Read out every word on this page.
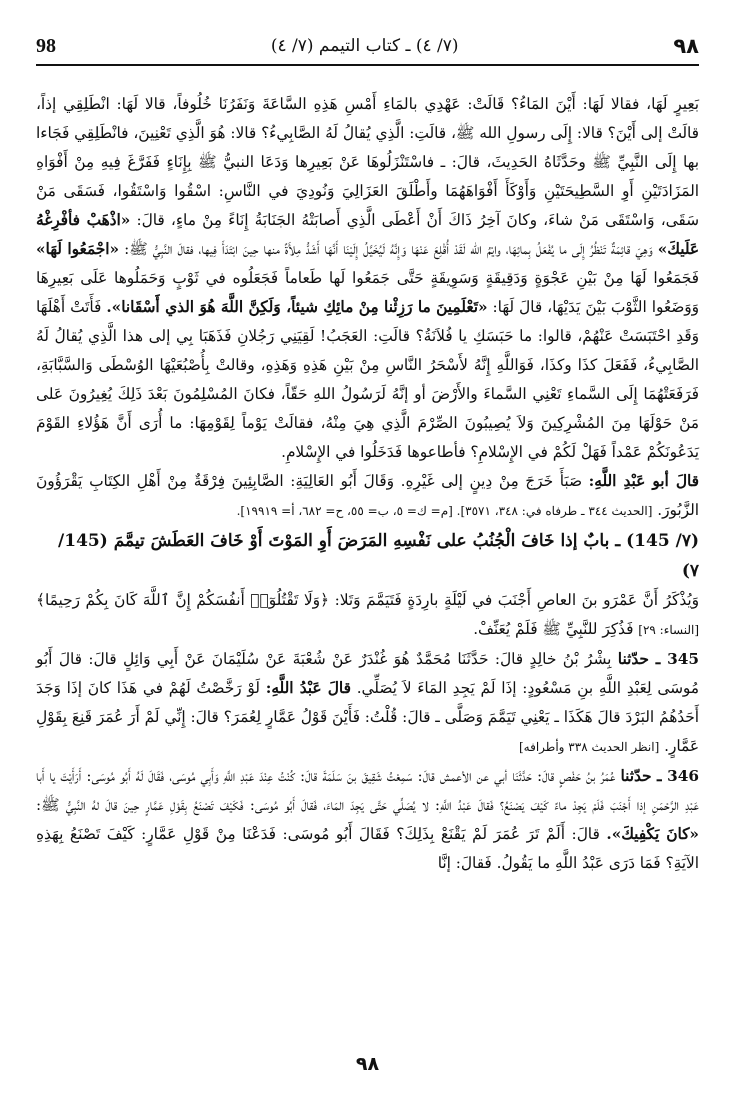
98	(٧/ ٤) ـ كتاب التيمم (٧/ ٤)	٩٨

بَعِيرٍ لَهَا، فقالا لَهَا: أَيْنَ المَاءُ؟ قَالَتْ: عَهْدِي بالمَاءِ أَمْسِ هَذِهِ السَّاعَةَ وَنَفَرُنَا خُلُوفاً، قالا لَهَا: انْطَلِقِي إذاً، قالَتْ إلى أَيْنَ؟ قالا: إِلَى رسولِ الله ﷺ، قالَتِ: الَّذِي يُقالُ لَهُ الصَّابِيءُ؟ قالا: هُوَ الَّذِي تَعْنِينَ، فانْطَلِقِي فَجَاءا بها إِلَى النَّبِيِّ ﷺ وحَدَّثَاهُ الحَدِيثَ، قالَ: ـ فاسْتَنْزَلُوهَا عَنْ بَعِيرِها وَدَعَا النبيُّ ﷺ بِإِنَاءٍ فَفَرَّغَ فِيهِ مِنْ أَفْوَاهِ المَزَادَتَيْنِ أَوِ السَّطِيحَتَيْنِ وَأَوْكَأَ أَفْوَاهَهُمَا وأَطْلَقَ العَزَالِيَ وَنُودِيَ في النَّاسِ: اسْقُوا وَاسْتَقُوا، فَسَقَى مَنْ سَقَى، وَاسْتَقَى مَنْ شاءَ، وكانَ آخِرُ ذَاكَ أَنْ أَعْطَى الَّذِي أَصابَتْهُ الجَنَابَةُ إِنَاءً مِنْ ماءٍ، قالَ: «اذْهَبْ فأفْرِغْهُ عَلَيكَ» وَهِيَ قائِمَةٌ تَنْظُرُ إِلَى ما يُفْعَلُ بِمائِهَا، وايْمُ الله لَقَدْ أُقْلِعَ عَنْهَا وَإِنَّهُ لَيُخَيَّلُ إِلَيْنَا أَنَّهَا أَشَدُّ مِلأَةً منها حِينَ ابْتَدَأَ فِيها، فقالَ النَّبِيُّ ﷺ: «اجْمَعُوا لَهَا» فَجَمَعُوا لَهَا مِنْ بَيْنِ عَجْوَةٍ وَدَقِيقَةٍ وَسَوِيقَةٍ حَتَّى جَمَعُوا لَها طَعاماً فَجَعَلُوه في ثَوْبٍ وَحَمَلُوها عَلَى بَعِيرِهَا وَوَضَعُوا الثَّوْبَ بَيْنَ يَدَيْهَا، قالَ لَهَا: «تَعْلَمِينَ ما رَزِئْنا مِنْ مائِكِ شيئاً، وَلَكِنَّ اللَّهَ هُوَ الذي أَسْقَانا». فَأَتَتْ أَهْلَهَا وَقَدِ احْتَبَسَتْ عَنْهُمْ، قالوا: ما حَبَسَكِ يا فُلاَنَةُ؟ قالَتِ: العَجَبُ! لَقِيَنِي رَجُلانِ فَذَهَبَا بِي إلى هذا الَّذِي يُقالُ لَهُ الصَّابِيءُ، فَفَعَلَ كذَا وكذَا، فَوَاللَّهِ إِنَّهُ لأَسْحَرُ النَّاسِ مِنْ بَيْنِ هَذِهِ وَهَذِهِ، وقالتْ بِأُصْبُعَيْهَا الوُسْطَى وَالسَّبَّابَةِ، فَرَفَعَتْهُمَا إِلَى السَّماءِ تَعْنِي السَّماءَ والأَرْضَ أو إنَّهُ لَرَسُولُ اللهِ حَقّاً، فكانَ المُسْلِمُونَ بَعْدَ ذَلِكَ يُغِيرُونَ عَلى مَنْ حَوْلَهَا مِنَ المُشْرِكِينَ وَلاَ يُصِيبُونَ الصِّرْمَ الَّذِي هِيَ مِنْهُ، فقالَتْ يَوْماً لِقَوْمِهَا: ما أُرَى أَنَّ هَؤُلاءِ القَوْمَ يَدَعُونَكُمْ عَمْداً فَهَلْ لَكُمْ في الإِسْلامِ؟ فأطاعوها فَدَخَلُوا في الإِسْلامِ.

قالَ أبو عَبْدِ اللَّهِ: صَبَأَ خَرَجَ مِنْ دِينٍ إلى غَيْرِهِ. وَقَالَ أَبُو العَالِيَةِ: الصَّابِئِينَ فِرْقَةٌ مِنْ أَهْلِ الكِتَابِ يَقْرَؤُونَ الزَّبُورَ. [الحديث ٣٤٤ ـ طرفاه في: ٣٤٨، ٣٥٧١]. [م= ك= ٥، ب= ٥٥، ح= ٦٨٢، أ= ١٩٩١٩].

(٧/ 145) ـ بابٌ إذا خَافَ الْجُنُبُ على نَفْسِهِ المَرَضَ أَوِ المَوْتَ أَوْ خَافَ العَطَشَ تيمَّمَ (145/ ٧)

وَيُذْكَرُ أَنَّ عَمْرَو بنَ العاصِ أَجْنَبَ في لَيْلَةٍ بارِدَةٍ فَتَيَمَّمَ وَتَلا: ﴿وَلَا تَقْتُلُوٓا۟ أَنفُسَكُمْ إِنَّ ٱللَّهَ كَانَ بِكُمْ رَحِيمًا﴾ [النساء: ٢٩] فَذُكِرَ للنَّبِيِّ ﷺ فَلَمْ يُعَنِّفْ.

345 ـ حدّثنا بِشْرُ بْنُ خالِدٍ قالَ: حَدَّثَنَا مُحَمَّدٌ هُوَ غُنْدَرٌ عَنْ شُعْبَةَ عَنْ سُلَيْمَانَ عَنْ أَبِي وَائِلٍ قالَ: قالَ أَبُو مُوسَى لِعَبْدِ اللَّهِ بنِ مَسْعُودٍ: إذَا لَمْ يَجِدِ المَاءَ لاَ يُصَلِّي. قالَ عَبْدُ اللَّهِ: لَوْ رَخَّصْتُ لَهُمْ في هَذَا كانَ إذَا وَجَدَ أَحَدُهُمُ البَرْدَ قالَ هَكَذَا ـ يَعْنِي تَيَمَّمَ وَصَلَّى ـ قالَ: قُلْتُ: فَأَيْنَ قَوْلُ عَمَّارٍ لِعُمَرَ؟ قالَ: إِنِّي لَمْ أَرَ عُمَرَ قَنِعَ بِقَوْلِ عَمَّارٍ. [انظر الحديث ٣٣٨ وأطرافه]

346 ـ حدّثنا عُمَرُ بنُ حَفْصٍ قالَ: حَدَّثَنَا أبي عن الأعمش قالَ: سَمِعْتُ شَقِيقَ بنَ سَلَمَةَ قالَ: كُنْتُ عِنْدَ عَبْدِ اللَّهِ وَأَبِي مُوسَى، فَقَالَ لَهُ أَبُو مُوسَى: أَرَأَيْتَ يا أَبا عَبْدِ الرَّحْمَنِ إذا أَجْنَبَ فَلَمْ يَجِدْ ماءً كَيْفَ يَصْنَعُ؟ فَقالَ عَبْدُ اللَّهِ: لا يُصَلِّي حَتَّى يَجِدَ المَاءَ، فَقالَ أَبُو مُوسَى: فَكَيْفَ تَصْنَعُ بِقَوْلِ عَمَّارٍ حِينَ قالَ لهُ النَّبِيُّ ﷺ: «كانَ يَكْفِيكَ». قالَ: أَلَمْ تَرَ عُمَرَ لَمْ يَقْنَعْ بِذَلِكَ؟ فَقَالَ أَبُو مُوسَى: فَدَعْنَا مِنْ قَوْلِ عَمَّارٍ: كَيْفَ تَصْنَعُ بِهَذِهِ الآيَةِ؟ فَمَا دَرَى عَبْدُ اللَّهِ ما يَقُولُ. فَقالَ: إنَّا

٩٨
